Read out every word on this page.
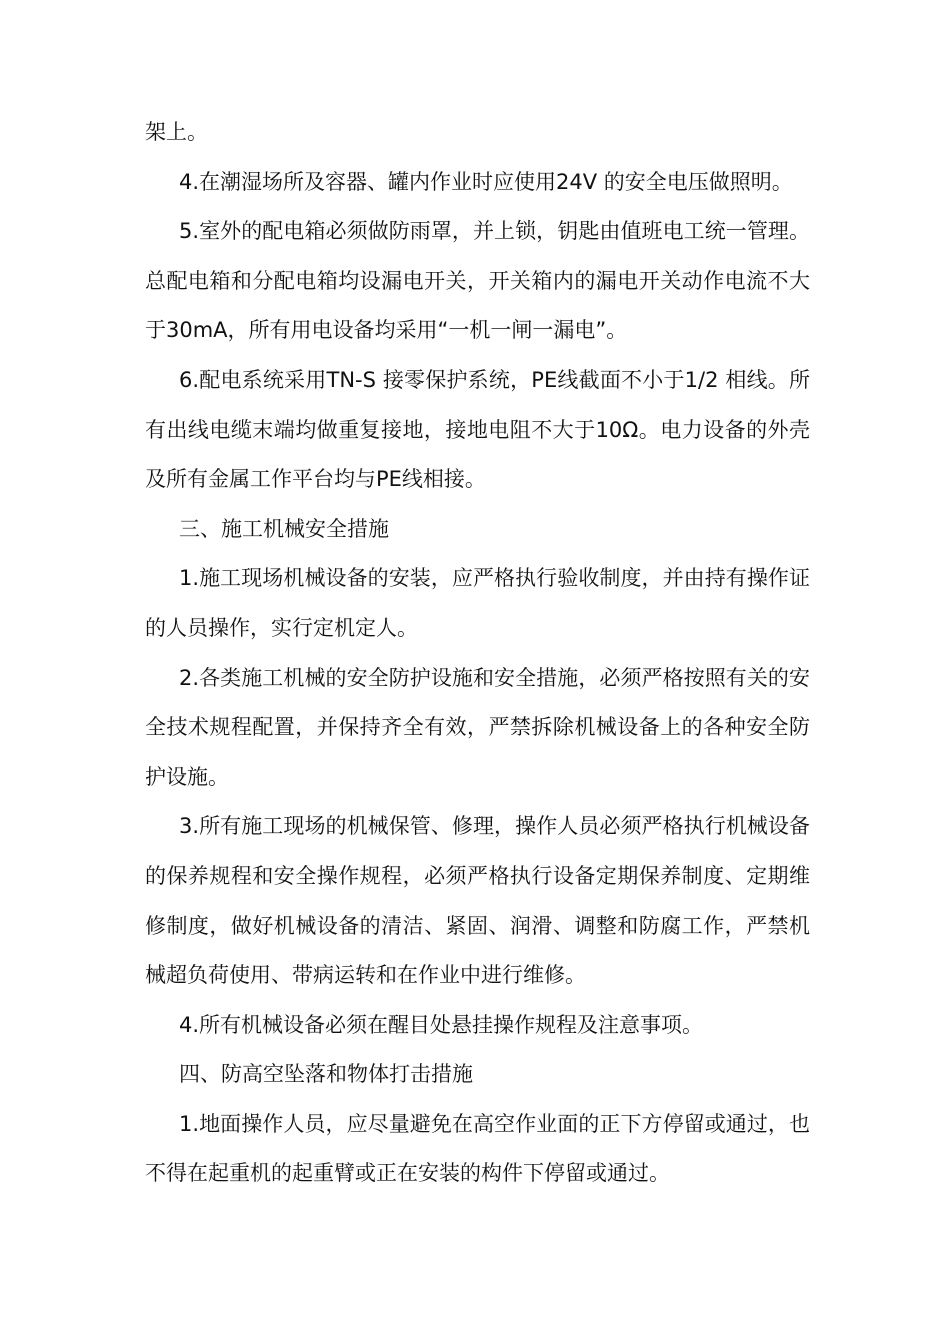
架上。

4.在潮湿场所及容器、罐内作业时应使用24V 的安全电压做照明。

5.室外的配电箱必须做防雨罩，并上锁，钥匙由值班电工统一管理。总配电箱和分配电箱均设漏电开关，开关箱内的漏电开关动作电流不大于30mA，所有用电设备均采用“一机一闸一漏电”。

6.配电系统采用TN-S 接零保护系统，PE线截面不小于1/2 相线。所有出线电缆末端均做重复接地，接地电阻不大于10Ω。电力设备的外壳及所有金属工作平台均与PE线相接。

三、施工机械安全措施

1.施工现场机械设备的安装，应严格执行验收制度，并由持有操作证的人员操作，实行定机定人。

2.各类施工机械的安全防护设施和安全措施，必须严格按照有关的安全技术规程配置，并保持齐全有效，严禁拆除机械设备上的各种安全防护设施。

3.所有施工现场的机械保管、修理，操作人员必须严格执行机械设备的保养规程和安全操作规程，必须严格执行设备定期保养制度、定期维修制度，做好机械设备的清洁、紧固、润滑、调整和防腐工作，严禁机械超负荷使用、带病运转和在作业中进行维修。

4.所有机械设备必须在醒目处悬挂操作规程及注意事项。

四、防高空坠落和物体打击措施

1.地面操作人员，应尽量避免在高空作业面的正下方停留或通过，也不得在起重机的起重臂或正在安装的构件下停留或通过。
